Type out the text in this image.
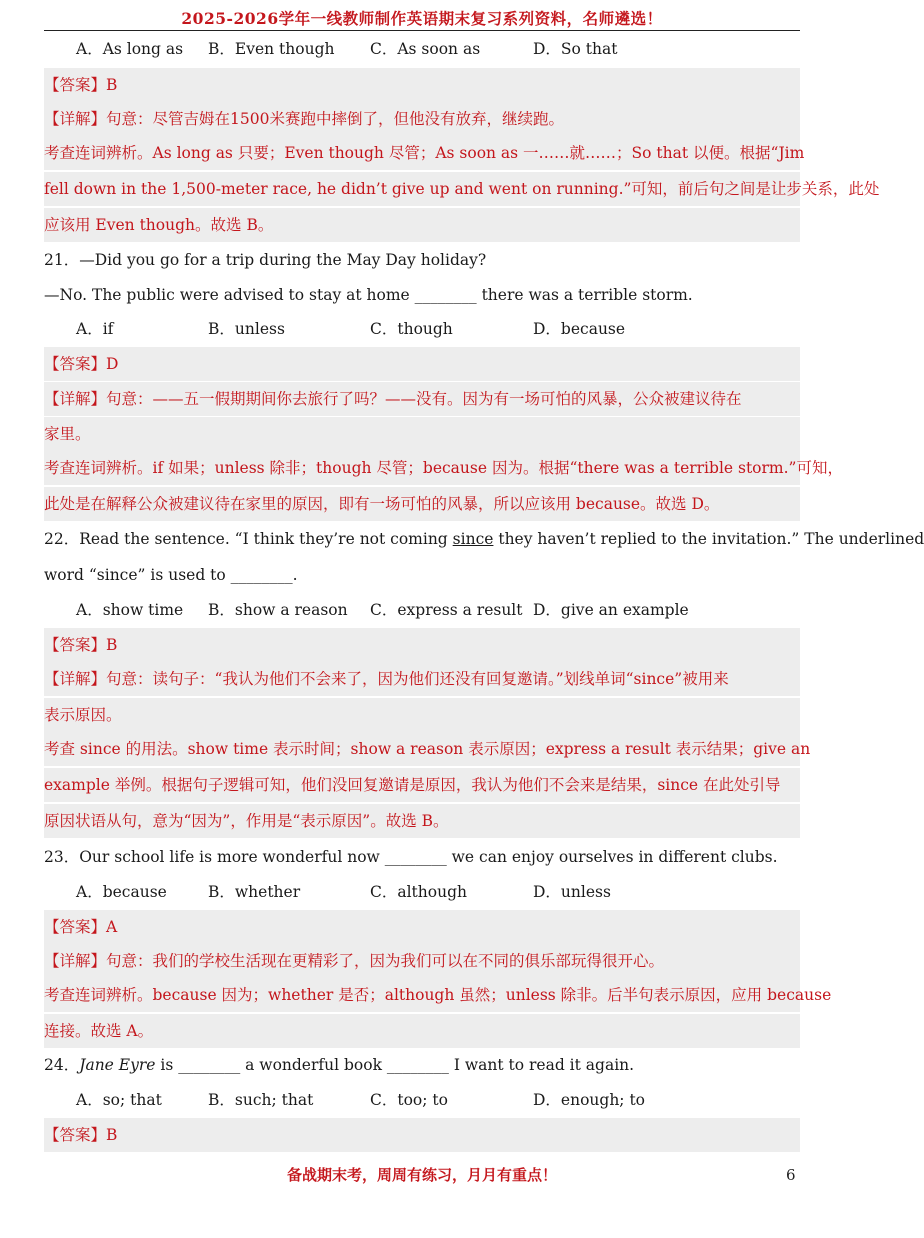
2025-2026学年一线教师制作英语期末复习系列资料，名师遴选！
A．As long as B．Even though C．As soon as	D．So that
【答案】B
【详解】句意：尽管吉姆在1500米赛跑中摔倒了，但他没有放弃，继续跑。
考查连词辨析。As long as 只要；Even though 尽管；As soon as 一……就……；So that 以便。根据“Jim
fell down in the 1,500-meter race, he didn’t give up and went on running.”可知，前后句之间是让步关系，此处
应该用 Even though。故选 B。
21．—Did you go for a trip during the May Day holiday?
—No. The public were advised to stay at home ________ there was a terrible storm.
A．if	B．unless	C．though	D．because
【答案】D
【详解】句意：——五一假期期间你去旅行了吗？——没有。因为有一场可怕的风暴，公众被建议待在
家里。
考查连词辨析。if 如果；unless 除非；though 尽管；because 因为。根据“there was a terrible storm.”可知，
此处是在解释公众被建议待在家里的原因，即有一场可怕的风暴，所以应该用 because。故选 D。
22．Read the sentence. “I think they’re not coming since they haven’t replied to the invitation.” The underlined
word “since” is used to ________.
A．show time B．show a reason C．express a result D．give an example
【答案】B
【详解】句意：读句子：“我认为他们不会来了，因为他们还没有回复邀请。”划线单词“since”被用来
表示原因。
考查 since 的用法。show time 表示时间；show a reason 表示原因；express a result 表示结果；give an
example 举例。根据句子逻辑可知，他们没回复邀请是原因，我认为他们不会来是结果，since 在此处引导
原因状语从句，意为“因为”，作用是“表示原因”。故选 B。
23．Our school life is more wonderful now ________ we can enjoy ourselves in different clubs.
A．because	B．whether	C．although	D．unless
【答案】A
【详解】句意：我们的学校生活现在更精彩了，因为我们可以在不同的俱乐部玩得很开心。
考查连词辨析。because 因为；whether 是否；although 虽然；unless 除非。后半句表示原因，应用 because
连接。故选 A。
24．Jane Eyre is ________ a wonderful book ________ I want to read it again.
A．so; that	B．such; that	C．too; to	D．enough; to
【答案】B
备战期末考，周周有练习，月月有重点！	6
